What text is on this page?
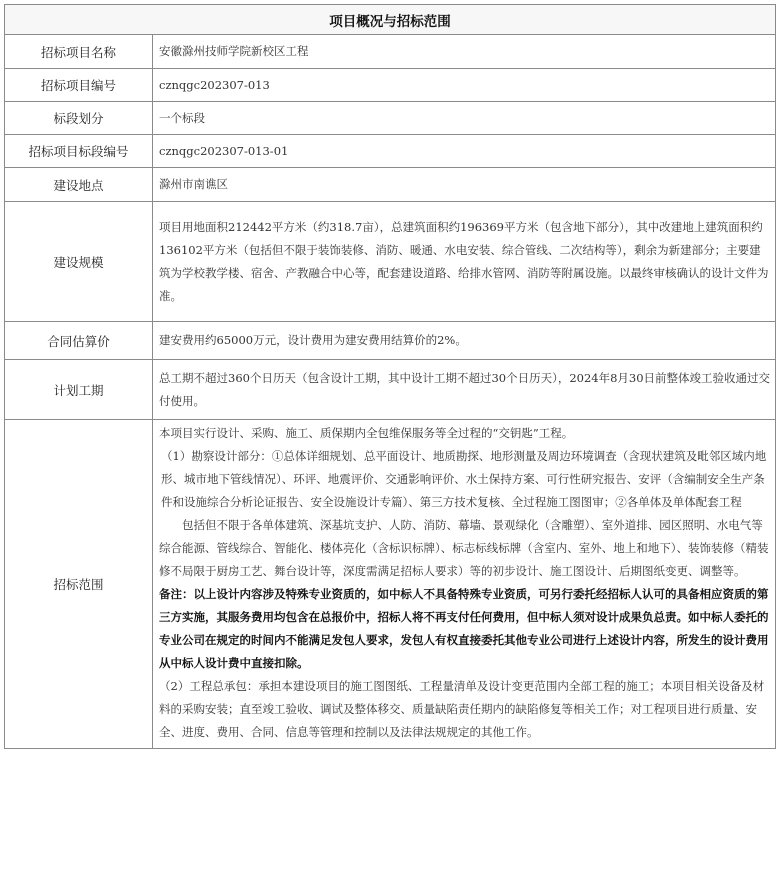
项目概况与招标范围	
招标项目名称	安徽滁州技师学院新校区工程
招标项目编号	cznqgc202307-013
标段划分	一个标段
招标项目标段编号	cznqgc202307-013-01
建设地点	滁州市南谯区
建设规模	项目用地面积212442平方米（约318.7亩），总建筑面积约196369平方米（包含地下部分），其中改建地上建筑面积约136102平方米（包括但不限于装饰装修、消防、暖通、水电安装、综合管线、二次结构等），剩余为新建部分；主要建筑为学校教学楼、宿舍、产教融合中心等，配套建设道路、给排水管网、消防等附属设施。以最终审核确认的设计文件为准。
合同估算价	建安费用约65000万元，设计费用为建安费用结算价的2%。
计划工期	总工期不超过360个日历天（包含设计工期，其中设计工期不超过30个日历天），2024年8月30日前整体竣工验收通过交付使用。
招标范围	本项目实行设计、采购、施工、质保期内全包维保服务等全过程的“交钥匙”工程。

（1）勘察设计部分：①总体详细规划、总平面设计、地质勘探、地形测量及周边环境调查（含现状建筑及毗邻区域内地形、城市地下管线情况）、环评、地震评价、交通影响评价、水土保持方案、可行性研究报告、安评（含编制安全生产条件和设施综合分析论证报告、安全设施设计专篇）、第三方技术复核、全过程施工图图审；②各单体及单体配套工程

包括但不限于各单体建筑、深基坑支护、人防、消防、幕墙、景观绿化（含雕塑）、室外道排、园区照明、水电气等综合能源、管线综合、智能化、楼体亮化（含标识标牌）、标志标线标牌（含室内、室外、地上和地下）、装饰装修（精装修不局限于厨房工艺、舞台设计等，深度需满足招标人要求）等的初步设计、施工图设计、后期图纸变更、调整等。

备注：以上设计内容涉及特殊专业资质的，如中标人不具备特殊专业资质，可另行委托经招标人认可的具备相应资质的第三方实施，其服务费用均包含在总报价中，招标人将不再支付任何费用，但中标人须对设计成果负总责。如中标人委托的专业公司在规定的时间内不能满足发包人要求，发包人有权直接委托其他专业公司进行上述设计内容，所发生的设计费用从中标人设计费中直接扣除。

（2）工程总承包：承担本建设项目的施工图图纸、工程量清单及设计变更范围内全部工程的施工；本项目相关设备及材料的采购安装；直至竣工验收、调试及整体移交、质量缺陷责任期内的缺陷修复等相关工作；对工程项目进行质量、安全、进度、费用、合同、信息等管理和控制以及法律法规规定的其他工作。
